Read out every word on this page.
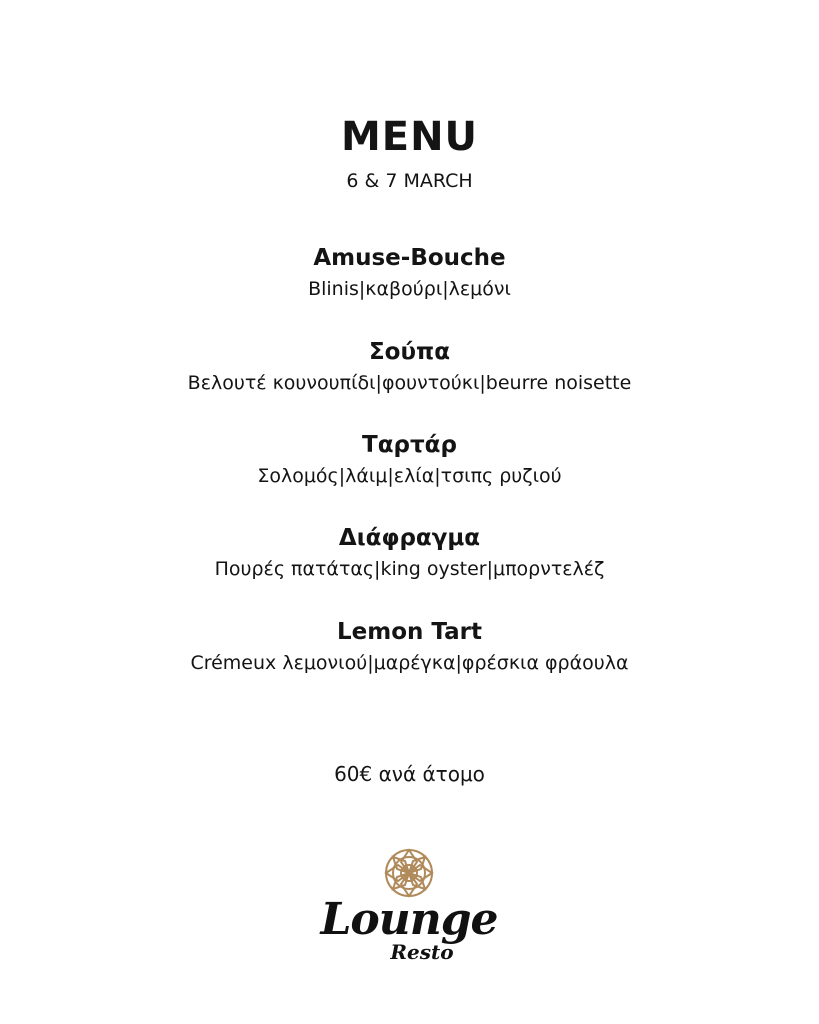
MENU
6 & 7 MARCH
Amuse-Bouche
Blinis|καβούρι|λεμόνι
Σούπα
Βελουτέ κουνουπίδι|φουντούκι|beurre noisette
Ταρτάρ
Σολομός|λάιμ|ελία|τσιπς ρυζιού
Διάφραγμα
Πουρές πατάτας|king oyster|μπορντελέζ
Lemon Tart
Crémeux λεμονιού|μαρέγκα|φρέσκια φράουλα
60€ ανά άτομο
Lounge
Resto
